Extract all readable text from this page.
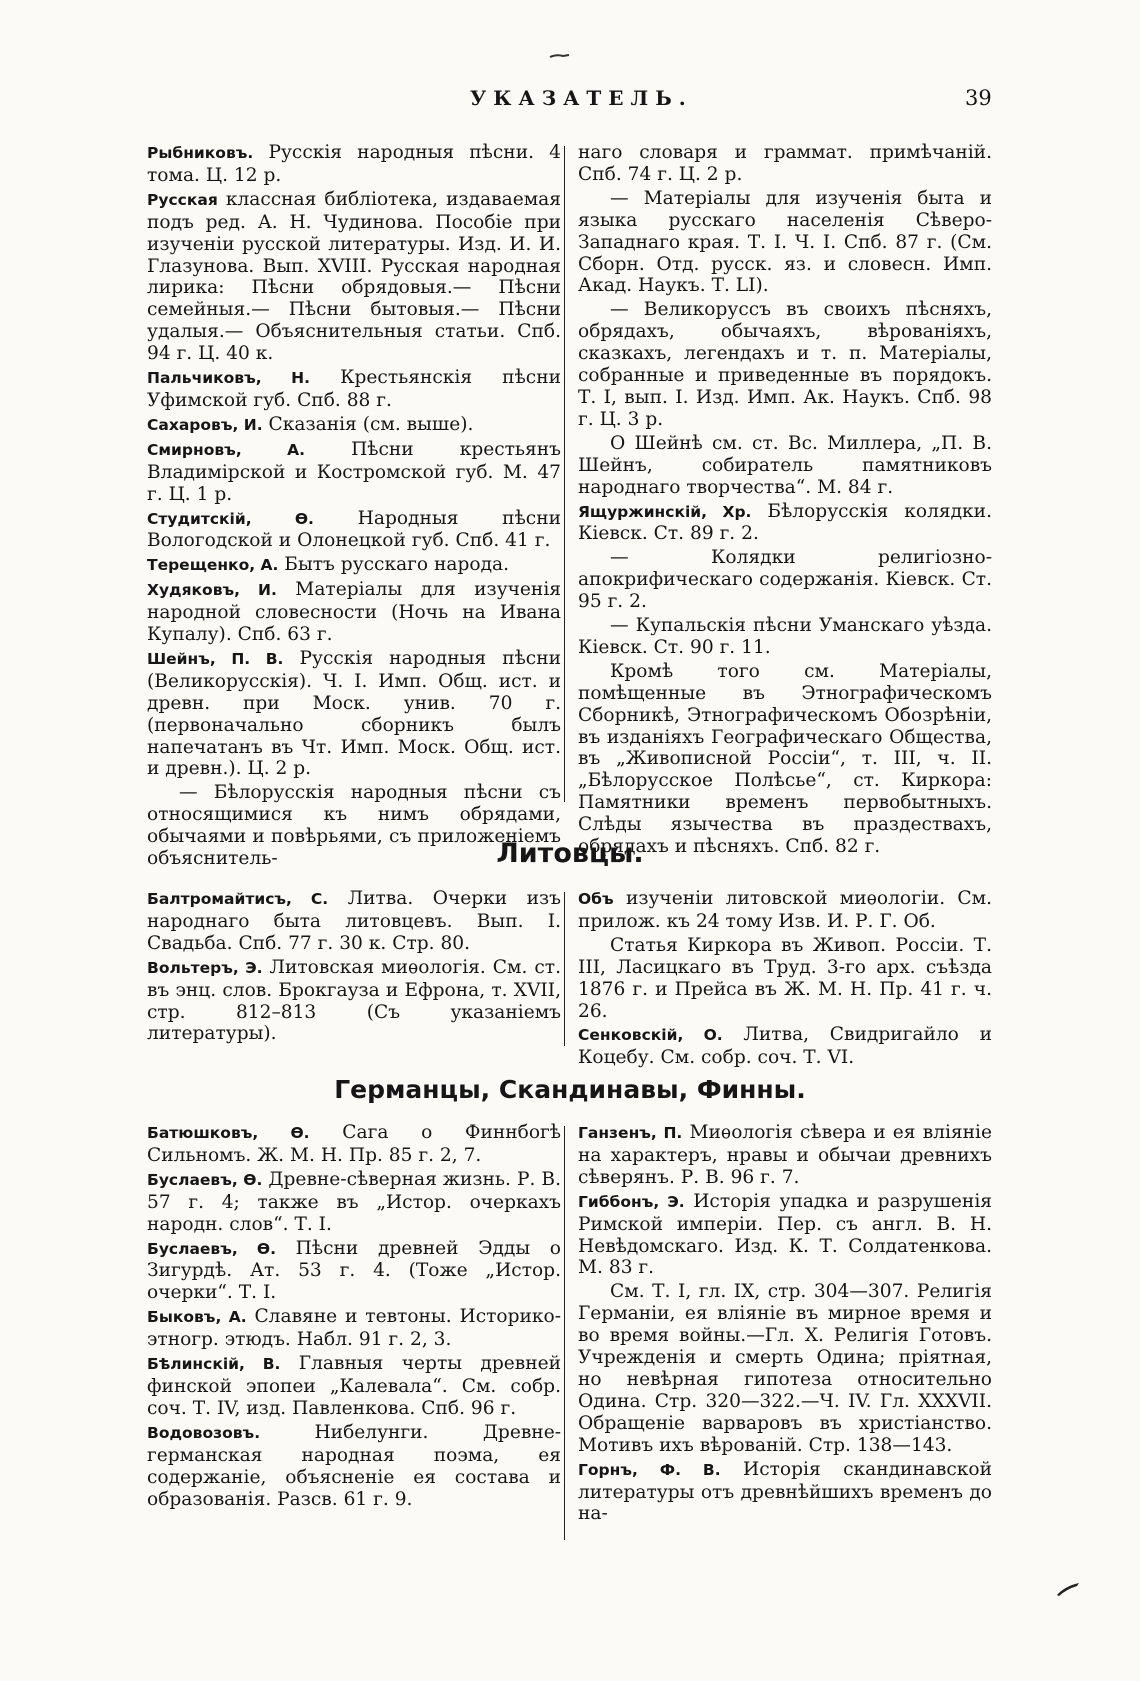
УКАЗАТЕЛЬ.	39
Рыбниковъ. Русскія народныя пѣсни. 4 тома. Ц. 12 р.
Русская классная библіотека, издаваемая подъ ред. А. Н. Чудинова. Пособіе при изученіи русской литературы. Изд. И. И. Глазунова. Вып. XVIII. Русская народная лирика: Пѣсни обрядовыя.— Пѣсни семейныя.— Пѣсни бытовыя.— Пѣсни удалыя.— Объяснительныя статьи. Спб. 94 г. Ц. 40 к.
Пальчиковъ, Н. Крестьянскія пѣсни Уфимской губ. Спб. 88 г.
Сахаровъ, И. Сказанія (см. выше).
Смирновъ, А. Пѣсни крестьянъ Владимірской и Костромской губ. М. 47 г. Ц. 1 р.
Студитскій, Ѳ. Народныя пѣсни Вологодской и Олонецкой губ. Спб. 41 г.
Терещенко, А. Бытъ русскаго народа.
Худяковъ, И. Матеріалы для изученія народной словесности (Ночь на Ивана Купалу). Спб. 63 г.
Шейнъ, П. В. Русскія народныя пѣсни (Великорусскія). Ч. I. Имп. Общ. ист. и древн. при Моск. унив. 70 г. (первоначально сборникъ былъ напечатанъ въ Чт. Имп. Моск. Общ. ист. и древн.). Ц. 2 р.
— Бѣлорусскія народныя пѣсни съ относящимися къ нимъ обрядами, обычаями и повѣрьями, съ приложеніемъ объяснитель-
наго словаря и граммат. примѣчаній. Спб. 74 г. Ц. 2 р.
— Матеріалы для изученія быта и языка русскаго населенія Сѣверо-Западнаго края. Т. I. Ч. I. Спб. 87 г. (См. Сборн. Отд. русск. яз. и словесн. Имп. Акад. Наукъ. Т. LI).
— Великоруссъ въ своихъ пѣсняхъ, обрядахъ, обычаяхъ, вѣрованіяхъ, сказкахъ, легендахъ и т. п. Матеріалы, собранные и приведенные въ порядокъ. Т. I, вып. I. Изд. Имп. Ак. Наукъ. Спб. 98 г. Ц. 3 р.
О Шейнѣ см. ст. Вс. Миллера, „П. В. Шейнъ, собиратель памятниковъ народнаго творчества“. М. 84 г.
Ящуржинскій, Хр. Бѣлорусскія колядки. Кіевск. Ст. 89 г. 2.
— Колядки религіозно-апокрифическаго содержанія. Кіевск. Ст. 95 г. 2.
— Купальскія пѣсни Уманскаго уѣзда. Кіевск. Ст. 90 г. 11.
Кромѣ того см. Матеріалы, помѣщенные въ Этнографическомъ Сборникѣ, Этнографическомъ Обозрѣніи, въ изданіяхъ Географическаго Общества, въ „Живописной Россіи“, т. III, ч. II. „Бѣлорусское Полѣсье“, ст. Киркора: Памятники временъ первобытныхъ. Слѣды язычества въ праздествахъ, обрядахъ и пѣсняхъ. Спб. 82 г.
Литовцы.
Балтромайтисъ, С. Литва. Очерки изъ народнаго быта литовцевъ. Вып. I. Свадьба. Спб. 77 г. 30 к. Стр. 80.
Вольтеръ, Э. Литовская миѳологія. См. ст. въ энц. слов. Брокгауза и Ефрона, т. XVII, стр. 812–813 (Съ указаніемъ литературы).
Объ изученіи литовской миѳологіи. См. прилож. къ 24 тому Изв. И. Р. Г. Об.
Статья Киркора въ Живоп. Россіи. Т. III, Ласицкаго въ Труд. 3-го арх. съѣзда 1876 г. и Прейса въ Ж. М. Н. Пр. 41 г. ч. 26.
Сенковскій, О. Литва, Свидригайло и Коцебу. См. собр. соч. Т. VI.
Германцы, Скандинавы, Финны.
Батюшковъ, Ѳ. Сага о Финнбогѣ Сильномъ. Ж. М. Н. Пр. 85 г. 2, 7.
Буслаевъ, Ѳ. Древне-сѣверная жизнь. Р. В. 57 г. 4; также въ „Истор. очеркахъ народн. слов“. Т. I.
Буслаевъ, Ѳ. Пѣсни древней Эдды о Зигурдѣ. Ат. 53 г. 4. (Тоже „Истор. очерки“. Т. I.
Быковъ, А. Славяне и тевтоны. Историко-этногр. этюдъ. Набл. 91 г. 2, 3.
Бѣлинскій, В. Главныя черты древней финской эпопеи „Калевала“. См. собр. соч. Т. IV, изд. Павленкова. Спб. 96 г.
Водовозовъ. Нибелунги. Древне-германская народная поэма, ея содержаніе, объясненіе ея состава и образованія. Разсв. 61 г. 9.
Ганзенъ, П. Миѳологія сѣвера и ея вліяніе на характеръ, нравы и обычаи древнихъ сѣверянъ. Р. В. 96 г. 7.
Гиббонъ, Э. Исторія упадка и разрушенія Римской имперіи. Пер. съ англ. В. Н. Невѣдомскаго. Изд. К. Т. Солдатенкова. М. 83 г.
См. Т. I, гл. IX, стр. 304—307. Религія Германіи, ея вліяніе въ мирное время и во время войны.—Гл. X. Религія Готовъ. Учрежденія и смерть Одина; пріятная, но невѣрная гипотеза относительно Одина. Стр. 320—322.—Ч. IV. Гл. XXXVII. Обращеніе варваровъ въ христіанство. Мотивъ ихъ вѣрованій. Стр. 138—143.
Горнъ, Ф. В. Исторія скандинавской литературы отъ древнѣйшихъ временъ до на-
